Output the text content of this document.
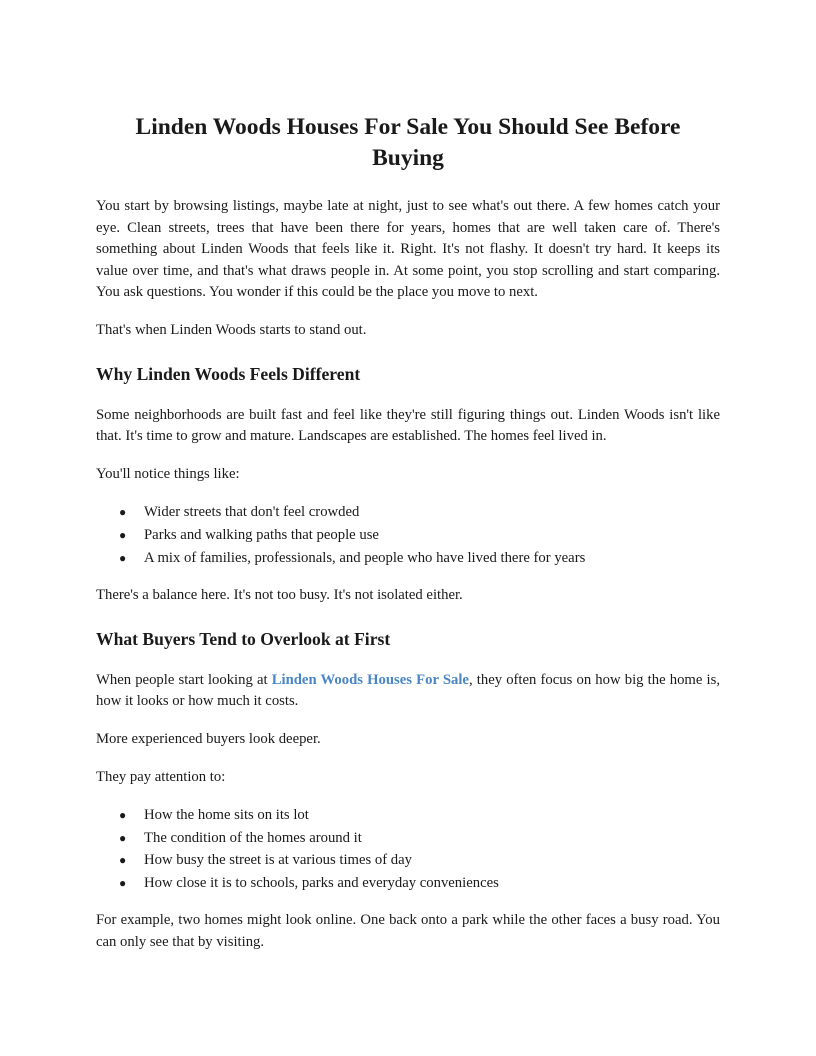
Linden Woods Houses For Sale You Should See Before Buying

You start by browsing listings, maybe late at night, just to see what's out there. A few homes catch your eye. Clean streets, trees that have been there for years, homes that are well taken care of. There's something about Linden Woods that feels like it. Right. It's not flashy. It doesn't try hard. It keeps its value over time, and that's what draws people in. At some point, you stop scrolling and start comparing. You ask questions. You wonder if this could be the place you move to next.

That's when Linden Woods starts to stand out.

Why Linden Woods Feels Different

Some neighborhoods are built fast and feel like they're still figuring things out. Linden Woods isn't like that. It's time to grow and mature. Landscapes are established. The homes feel lived in.

You'll notice things like:

● Wider streets that don't feel crowded
● Parks and walking paths that people use
● A mix of families, professionals, and people who have lived there for years

There's a balance here. It's not too busy. It's not isolated either.

What Buyers Tend to Overlook at First

When people start looking at Linden Woods Houses For Sale, they often focus on how big the home is, how it looks or how much it costs.

More experienced buyers look deeper.

They pay attention to:

● How the home sits on its lot
● The condition of the homes around it
● How busy the street is at various times of day
● How close it is to schools, parks and everyday conveniences

For example, two homes might look online. One back onto a park while the other faces a busy road. You can only see that by visiting.
